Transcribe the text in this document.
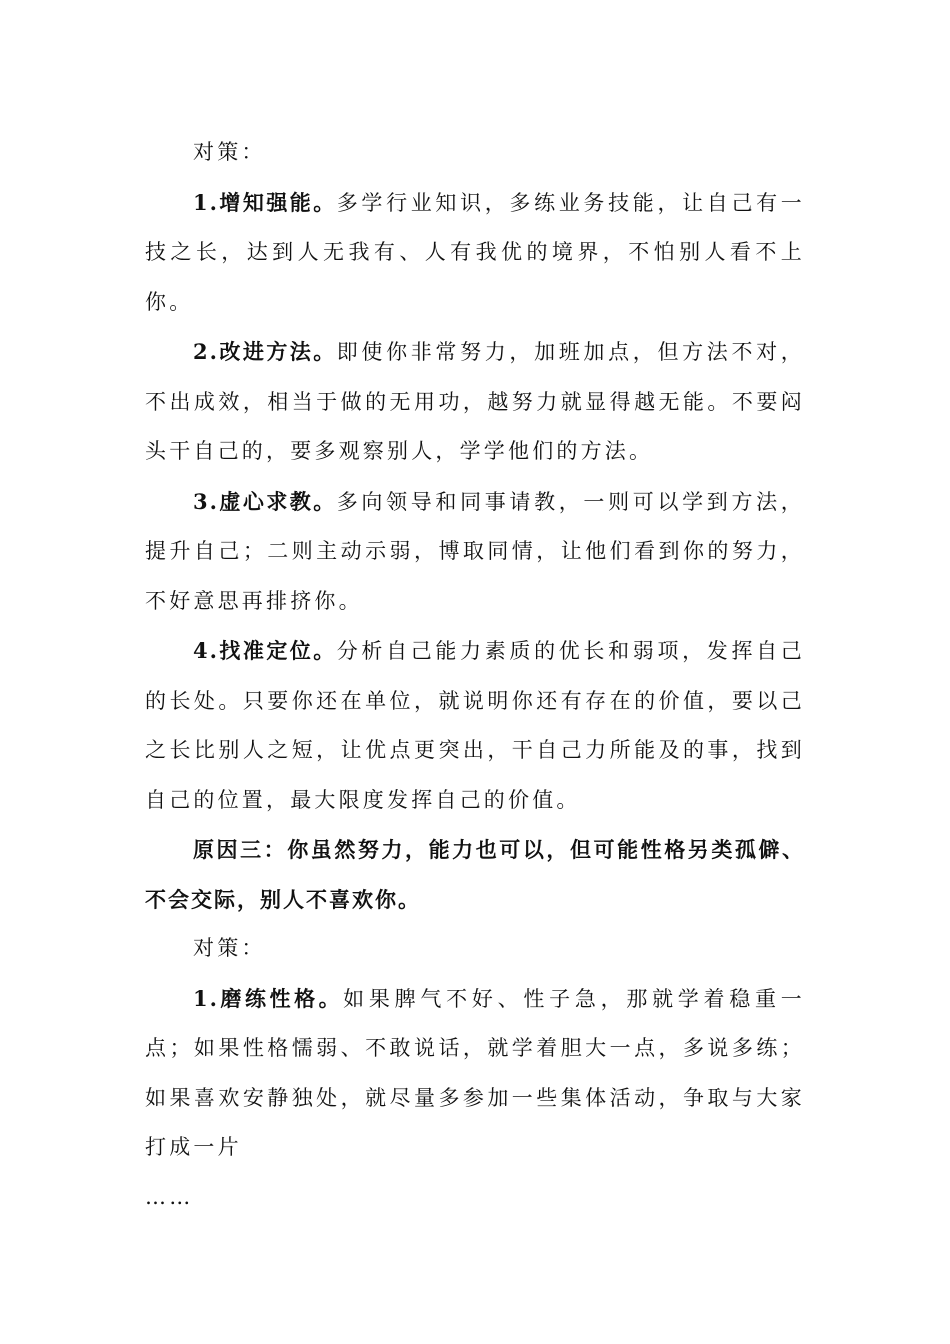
对策：

1.增知强能。多学行业知识，多练业务技能，让自己有一技之长，达到人无我有、人有我优的境界，不怕别人看不上你。

2.改进方法。即使你非常努力，加班加点，但方法不对，不出成效，相当于做的无用功，越努力就显得越无能。不要闷头干自己的，要多观察别人，学学他们的方法。

3.虚心求教。多向领导和同事请教，一则可以学到方法，提升自己；二则主动示弱，博取同情，让他们看到你的努力，不好意思再排挤你。

4.找准定位。分析自己能力素质的优长和弱项，发挥自己的长处。只要你还在单位，就说明你还有存在的价值，要以己之长比别人之短，让优点更突出，干自己力所能及的事，找到自己的位置，最大限度发挥自己的价值。

原因三：你虽然努力，能力也可以，但可能性格另类孤僻、不会交际，别人不喜欢你。

对策：

1.磨练性格。如果脾气不好、性子急，那就学着稳重一点；如果性格懦弱、不敢说话，就学着胆大一点，多说多练；如果喜欢安静独处，就尽量多参加一些集体活动，争取与大家打成一片

……
